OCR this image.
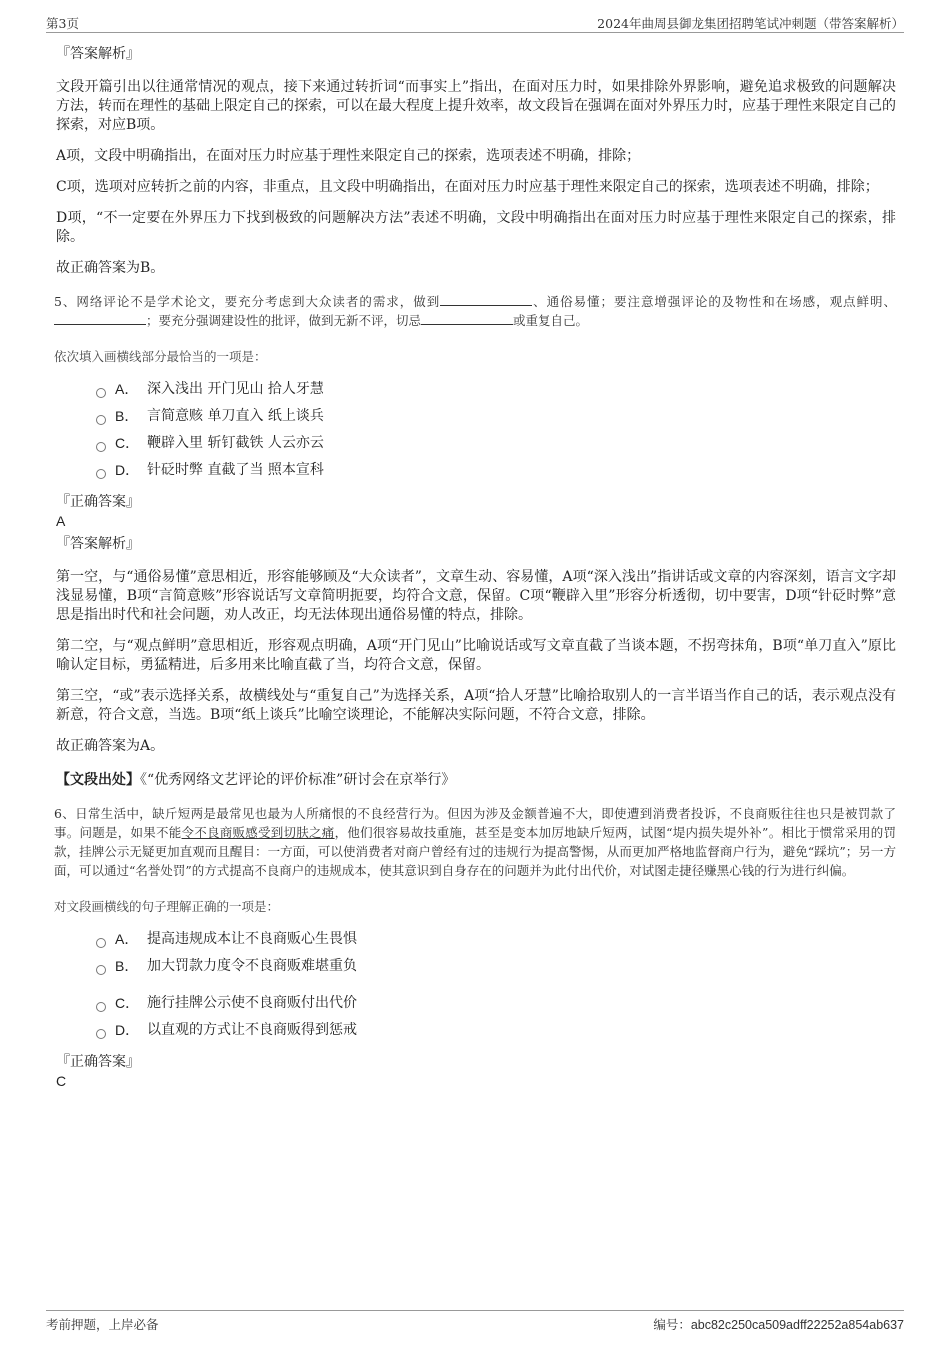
第3页	2024年曲周县御龙集团招聘笔试冲刺题（带答案解析）
『答案解析』

文段开篇引出以往通常情况的观点，接下来通过转折词“而事实上”指出，在面对压力时，如果排除外界影响，避免追求极致的问题解决方法，转而在理性的基础上限定自己的探索，可以在最大程度上提升效率，故文段旨在强调在面对外界压力时，应基于理性来限定自己的探索，对应B项。

A项，文段中明确指出，在面对压力时应基于理性来限定自己的探索，选项表述不明确，排除；

C项，选项对应转折之前的内容，非重点，且文段中明确指出，在面对压力时应基于理性来限定自己的探索，选项表述不明确，排除；

D项，“不一定要在外界压力下找到极致的问题解决方法”表述不明确，文段中明确指出在面对压力时应基于理性来限定自己的探索，排除。

故正确答案为B。

5、网络评论不是学术论文，要充分考虑到大众读者的需求，做到	、通俗易懂；要注意增强评论的及物性和在场感，观点鲜明、；要充分强调建设性的批评，做到无新不评，切忌	或重复自己。

依次填入画横线部分最恰当的一项是：

A． 深入浅出 开门见山 拾人牙慧
B． 言简意赅 单刀直入 纸上谈兵
C． 鞭辟入里 斩钉截铁 人云亦云
D． 针砭时弊 直截了当 照本宣科
『正确答案』
A
『答案解析』

第一空，与“通俗易懂”意思相近，形容能够顾及“大众读者”，文章生动、容易懂，A项“深入浅出”指讲话或文章的内容深刻，语言文字却浅显易懂，B项“言简意赅”形容说话写文章简明扼要，均符合文意，保留。C项“鞭辟入里”形容分析透彻，切中要害，D项“针砭时弊”意思是指出时代和社会问题，劝人改正，均无法体现出通俗易懂的特点，排除。

第二空，与“观点鲜明”意思相近，形容观点明确，A项“开门见山”比喻说话或写文章直截了当谈本题，不拐弯抹角，B项“单刀直入”原比喻认定目标，勇猛精进，后多用来比喻直截了当，均符合文意，保留。

第三空，“或”表示选择关系，故横线处与“重复自己”为选择关系，A项“拾人牙慧”比喻拾取别人的一言半语当作自己的话，表示观点没有新意，符合文意，当选。B项“纸上谈兵”比喻空谈理论，不能解决实际问题，不符合文意，排除。

故正确答案为A。

【文段出处】《“优秀网络文艺评论的评价标准”研讨会在京举行》

6、日常生活中，缺斤短两是最常见也最为人所痛恨的不良经营行为。但因为涉及金额普遍不大，即使遭到消费者投诉，不良商贩往往也只是被罚款了事。问题是，如果不能令不良商贩感受到切肤之痛，他们很容易故技重施，甚至是变本加厉地缺斤短两，试图“堤内损失堤外补”。相比于惯常采用的罚款，挂牌公示无疑更加直观而且醒目：一方面，可以使消费者对商户曾经有过的违规行为提高警惕，从而更加严格地监督商户行为，避免“踩坑”；另一方面，可以通过“名誉处罚”的方式提高不良商户的违规成本，使其意识到自身存在的问题并为此付出代价，对试图走捷径赚黑心钱的行为进行纠偏。

对文段画横线的句子理解正确的一项是：

A． 提高违规成本让不良商贩心生畏惧
B． 加大罚款力度令不良商贩难堪重负
C． 施行挂牌公示使不良商贩付出代价
D． 以直观的方式让不良商贩得到惩戒
『正确答案』
C
考前押题，上岸必备	编号：abc82c250ca509adff22252a854ab637
